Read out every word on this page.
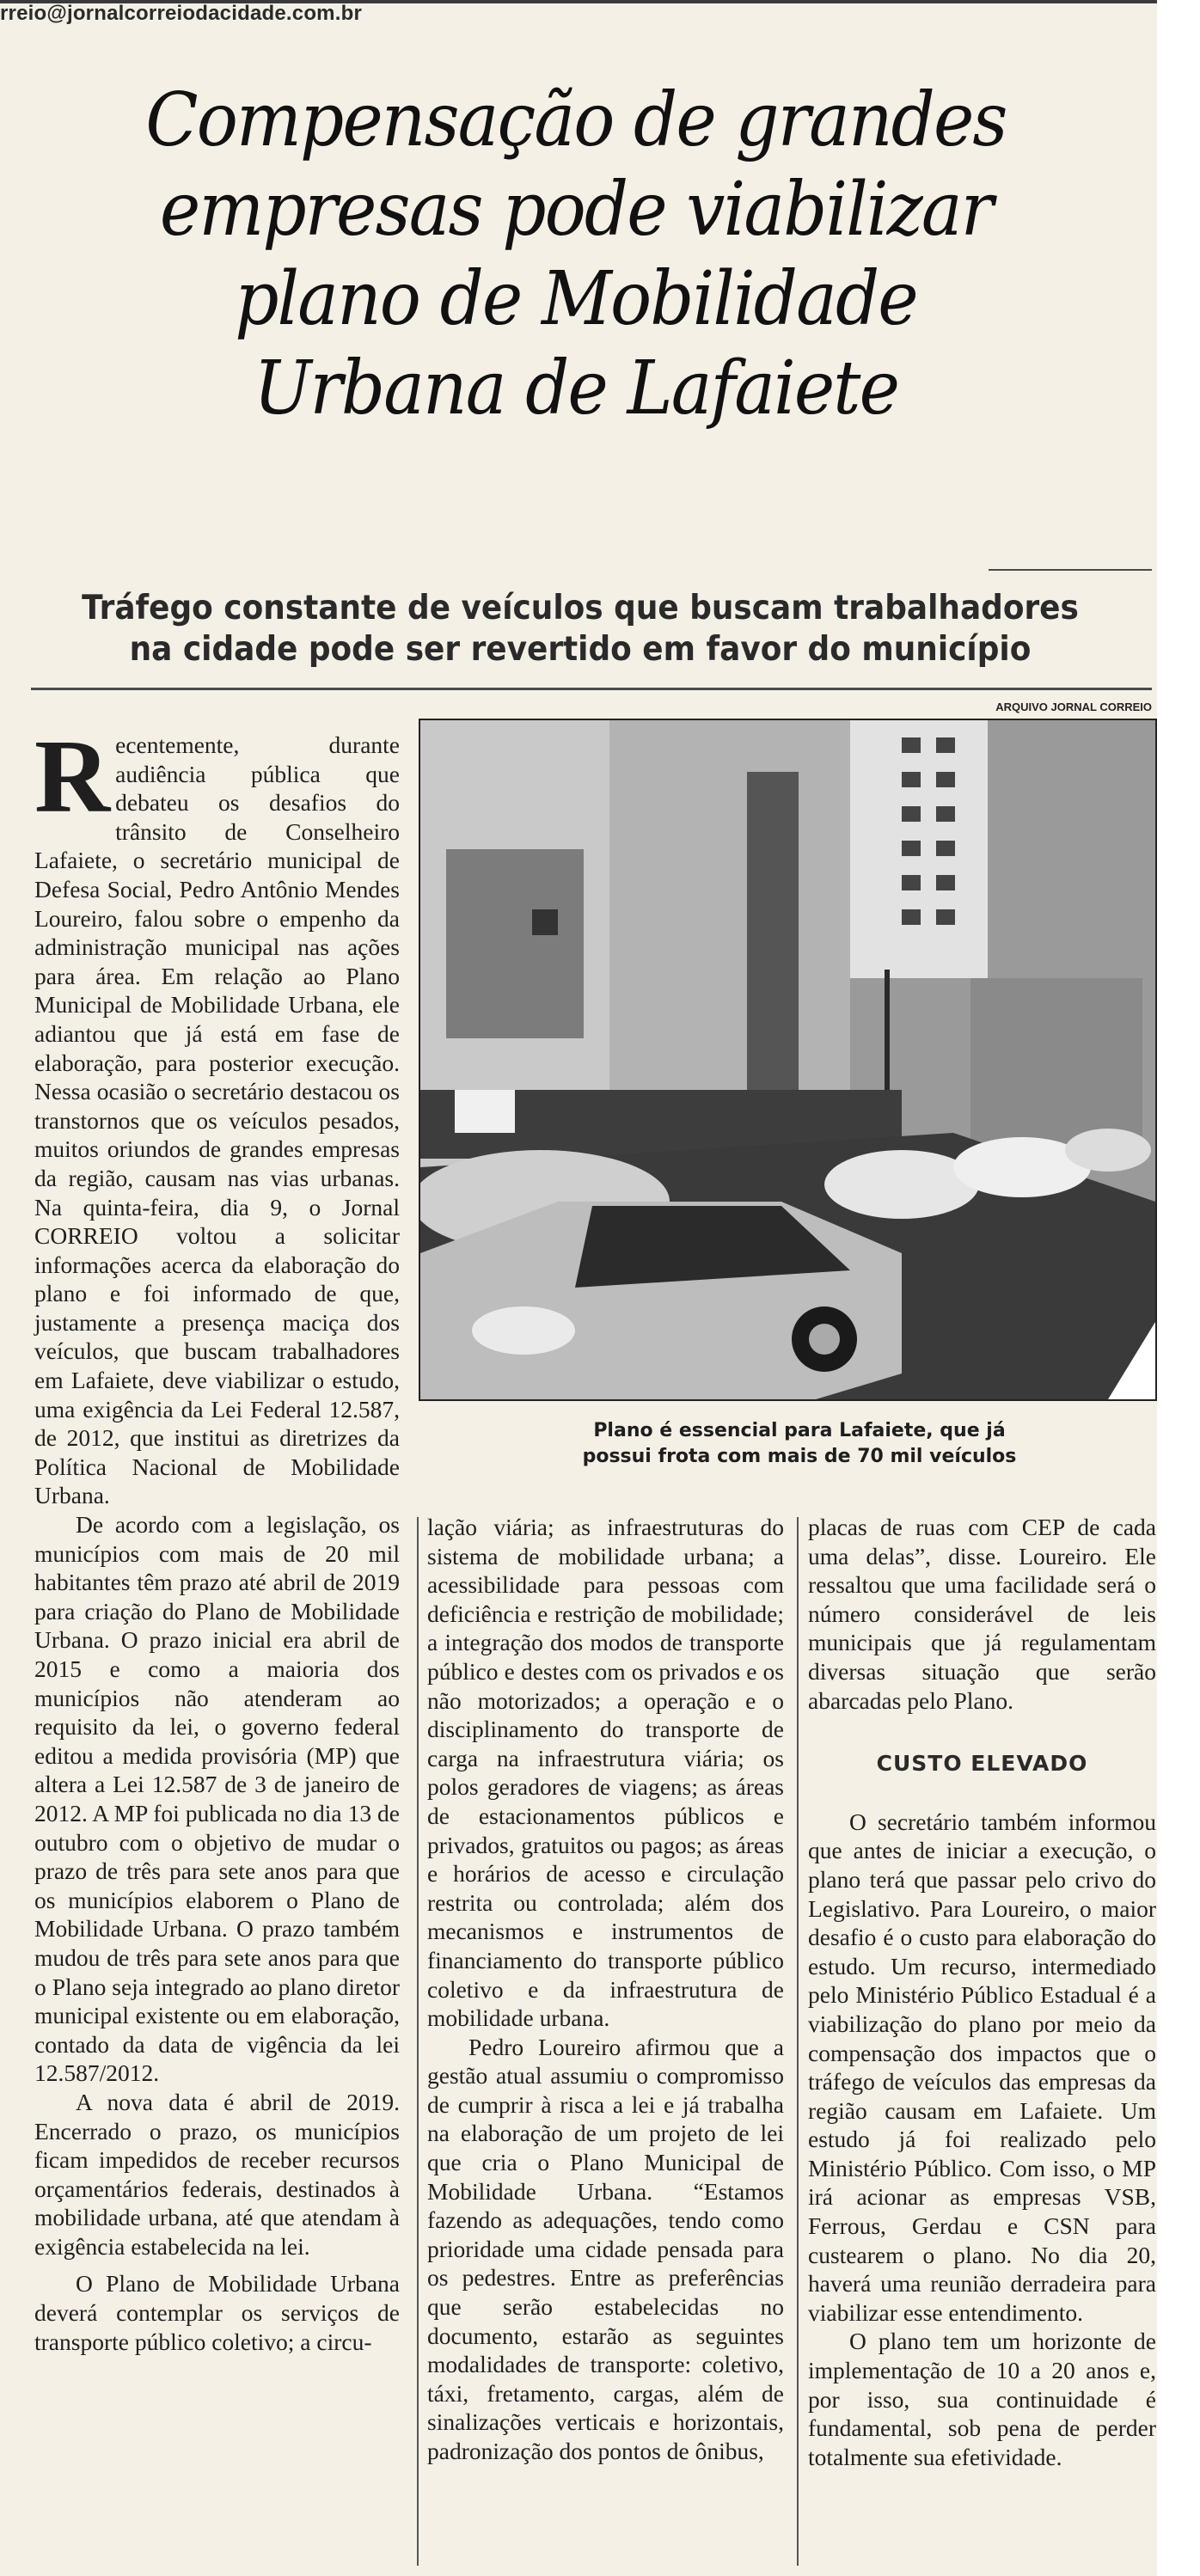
rreio@jornalcorreiodacidade.com.br
Compensação de grandes
empresas pode viabilizar
plano de Mobilidade
Urbana de Lafaiete
Tráfego constante de veículos que buscam trabalhadores
na cidade pode ser revertido em favor do município
ARQUIVO JORNAL CORREIO
Plano é essencial para Lafaiete, que já
possui frota com mais de 70 mil veículos

Recentemente, durante audiência pública que debateu os desafios do trânsito de Conselheiro Lafaiete, o secretário municipal de Defesa Social, Pedro Antônio Mendes Loureiro, falou sobre o empenho da administração municipal nas ações para área. Em relação ao Plano Municipal de Mobilidade Urbana, ele adiantou que já está em fase de elaboração, para posterior execução. Nessa ocasião o secretário destacou os transtornos que os veículos pesados, muitos oriundos de grandes empresas da região, causam nas vias urbanas. Na quinta-feira, dia 9, o Jornal CORREIO voltou a solicitar informações acerca da elaboração do plano e foi informado de que, justamente a presença maciça dos veículos, que buscam trabalhadores em Lafaiete, deve viabilizar o estudo, uma exigência da Lei Federal 12.587, de 2012, que institui as diretrizes da Política Nacional de Mobilidade Urbana.

De acordo com a legislação, os municípios com mais de 20 mil habitantes têm prazo até abril de 2019 para criação do Plano de Mobilidade Urbana. O prazo inicial era abril de 2015 e como a maioria dos municípios não atenderam ao requisito da lei, o governo federal editou a medida provisória (MP) que altera a Lei 12.587 de 3 de janeiro de 2012. A MP foi publicada no dia 13 de outubro com o objetivo de mudar o prazo de três para sete anos para que os municípios elaborem o Plano de Mobilidade Urbana. O prazo também mudou de três para sete anos para que o Plano seja integrado ao plano diretor municipal existente ou em elaboração, contado da data de vigência da lei 12.587/2012.

A nova data é abril de 2019. Encerrado o prazo, os municípios ficam impedidos de receber recursos orçamentários federais, destinados à mobilidade urbana, até que atendam à exigência estabelecida na lei.

O Plano de Mobilidade Urbana deverá contemplar os serviços de transporte público coletivo; a circu-

lação viária; as infraestruturas do sistema de mobilidade urbana; a acessibilidade para pessoas com deficiência e restrição de mobilidade; a integração dos modos de transporte público e destes com os privados e os não motorizados; a operação e o disciplinamento do transporte de carga na infraestrutura viária; os polos geradores de viagens; as áreas de estacionamentos públicos e privados, gratuitos ou pagos; as áreas e horários de acesso e circulação restrita ou controlada; além dos mecanismos e instrumentos de financiamento do transporte público coletivo e da infraestrutura de mobilidade urbana.

Pedro Loureiro afirmou que a gestão atual assumiu o compromisso de cumprir à risca a lei e já trabalha na elaboração de um projeto de lei que cria o Plano Municipal de Mobilidade Urbana. “Estamos fazendo as adequações, tendo como prioridade uma cidade pensada para os pedestres. Entre as preferências que serão estabelecidas no documento, estarão as seguintes modalidades de transporte: coletivo, táxi, fretamento, cargas, além de sinalizações verticais e horizontais, padronização dos pontos de ônibus,

placas de ruas com CEP de cada uma delas”, disse. Loureiro. Ele ressaltou que uma facilidade será o número considerável de leis municipais que já regulamentam diversas situação que serão abarcadas pelo Plano.

CUSTO ELEVADO

O secretário também informou que antes de iniciar a execução, o plano terá que passar pelo crivo do Legislativo. Para Loureiro, o maior desafio é o custo para elaboração do estudo. Um recurso, intermediado pelo Ministério Público Estadual é a viabilização do plano por meio da compensação dos impactos que o tráfego de veículos das empresas da região causam em Lafaiete. Um estudo já foi realizado pelo Ministério Público. Com isso, o MP irá acionar as empresas VSB, Ferrous, Gerdau e CSN para custearem o plano. No dia 20, haverá uma reunião derradeira para viabilizar esse entendimento.

O plano tem um horizonte de implementação de 10 a 20 anos e, por isso, sua continuidade é fundamental, sob pena de perder totalmente sua efetividade.
